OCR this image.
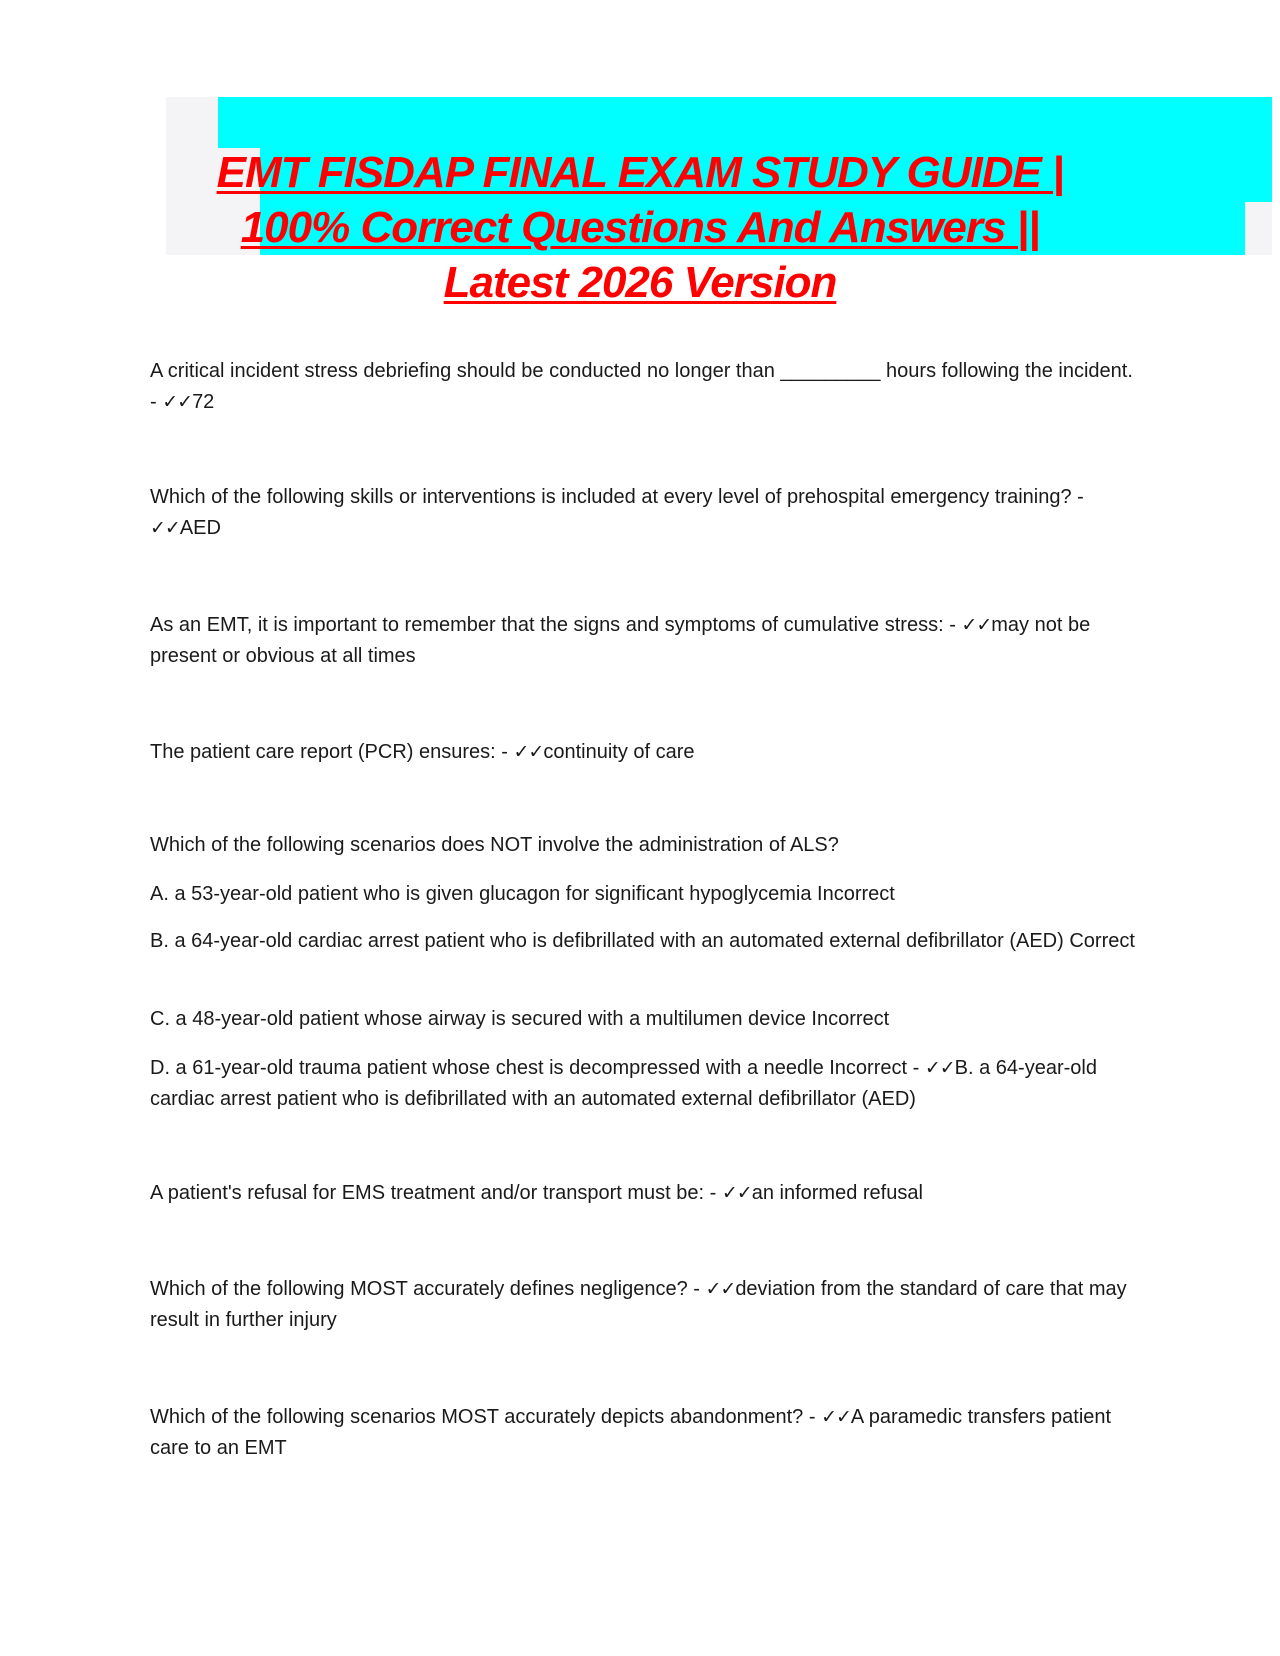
EMT FISDAP FINAL EXAM STUDY GUIDE |
100% Correct Questions And Answers ||
Latest 2026 Version

A critical incident stress debriefing should be conducted no longer than _________ hours following the incident. - ✓✓72

Which of the following skills or interventions is included at every level of prehospital emergency training? - ✓✓AED

As an EMT, it is important to remember that the signs and symptoms of cumulative stress: - ✓✓may not be present or obvious at all times

The patient care report (PCR) ensures: - ✓✓continuity of care

Which of the following scenarios does NOT involve the administration of ALS?

A. a 53-year-old patient who is given glucagon for significant hypoglycemia Incorrect

B. a 64-year-old cardiac arrest patient who is defibrillated with an automated external defibrillator (AED) Correct

C. a 48-year-old patient whose airway is secured with a multilumen device Incorrect

D. a 61-year-old trauma patient whose chest is decompressed with a needle Incorrect - ✓✓B. a 64-year-old cardiac arrest patient who is defibrillated with an automated external defibrillator (AED)

A patient's refusal for EMS treatment and/or transport must be: - ✓✓an informed refusal

Which of the following MOST accurately defines negligence? - ✓✓deviation from the standard of care that may result in further injury

Which of the following scenarios MOST accurately depicts abandonment? - ✓✓A paramedic transfers patient care to an EMT
